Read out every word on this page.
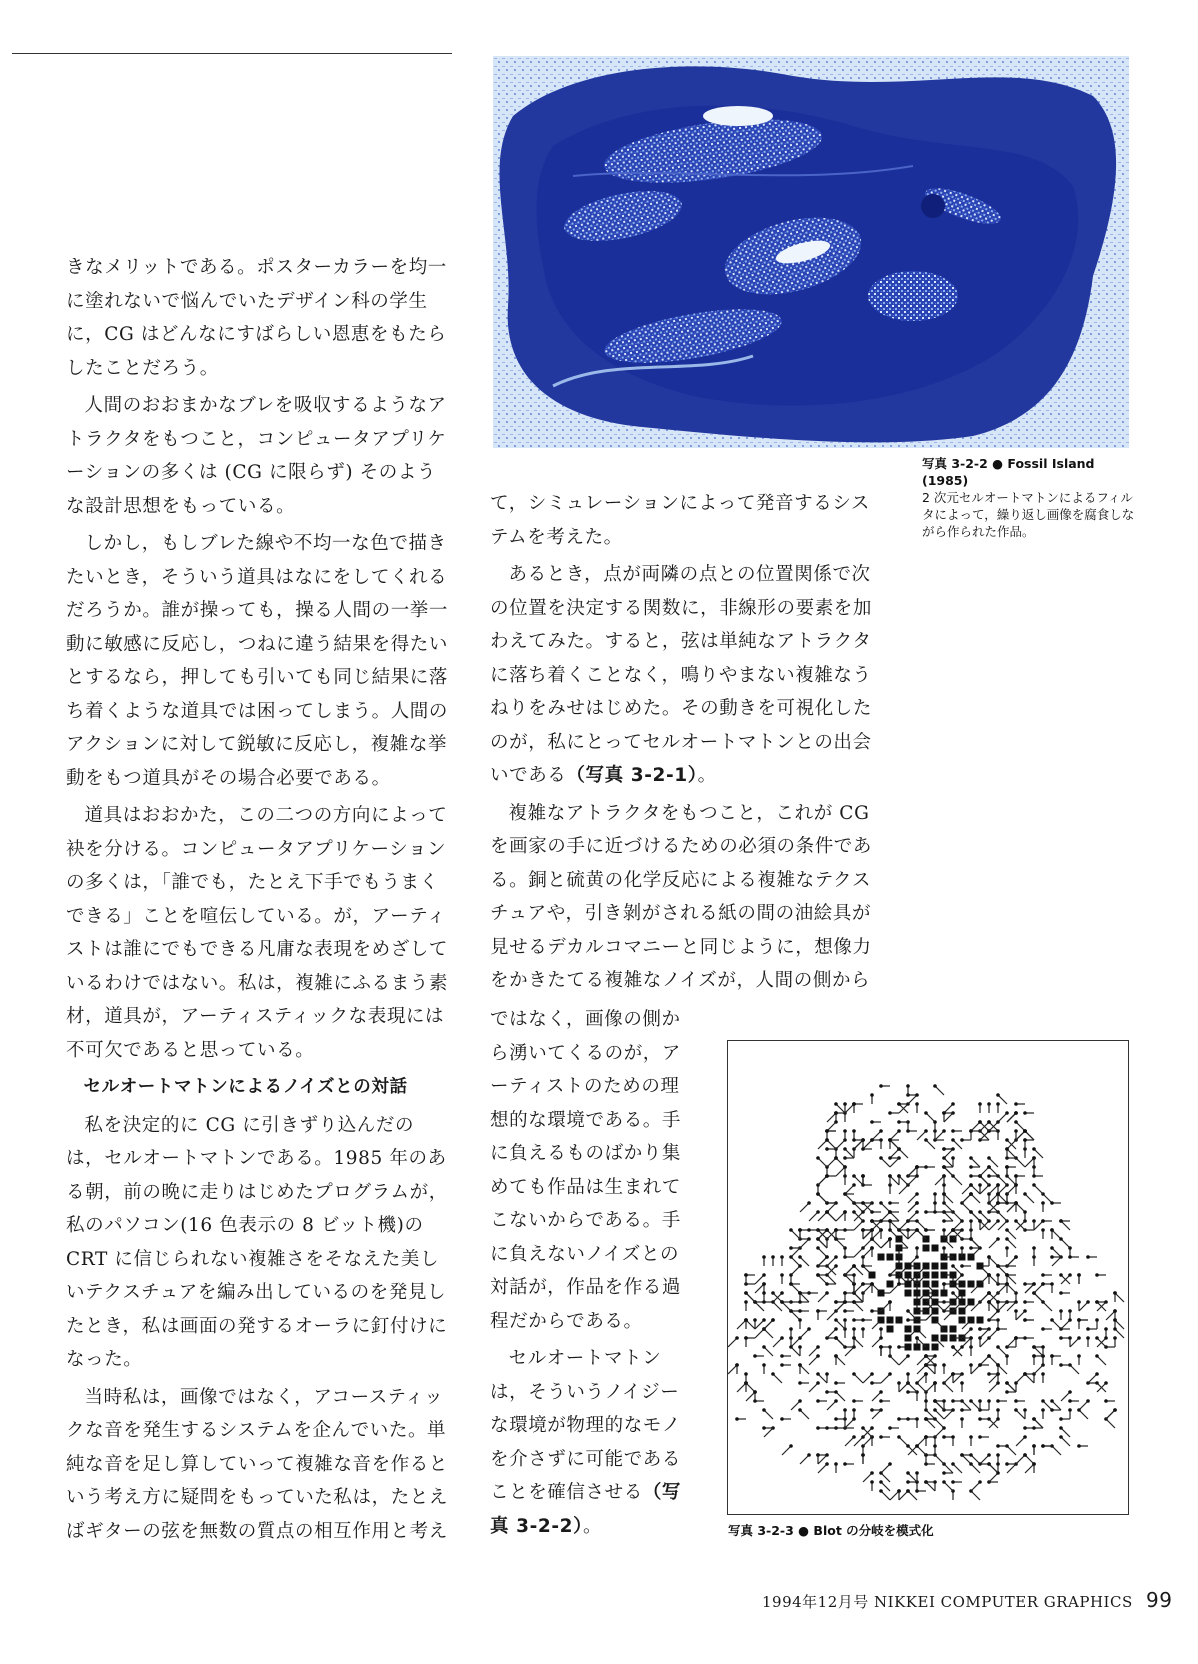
きなメリットである。ポスターカラーを均一に塗れないで悩んでいたデザイン科の学生に，CG はどんなにすばらしい恩恵をもたらしたことだろう。

人間のおおまかなブレを吸収するようなアトラクタをもつこと，コンピュータアプリケーションの多くは (CG に限らず) そのような設計思想をもっている。

しかし，もしブレた線や不均一な色で描きたいとき，そういう道具はなにをしてくれるだろうか。誰が操っても，操る人間の一挙一動に敏感に反応し，つねに違う結果を得たいとするなら，押しても引いても同じ結果に落ち着くような道具では困ってしまう。人間のアクションに対して鋭敏に反応し，複雑な挙動をもつ道具がその場合必要である。

道具はおおかた，この二つの方向によって袂を分ける。コンピュータアプリケーションの多くは，「誰でも，たとえ下手でもうまくできる」ことを喧伝している。が，アーティストは誰にでもできる凡庸な表現をめざしているわけではない。私は，複雑にふるまう素材，道具が，アーティスティックな表現には不可欠であると思っている。

セルオートマトンによるノイズとの対話

私を決定的に CG に引きずり込んだのは，セルオートマトンである。1985 年のある朝，前の晩に走りはじめたプログラムが，私のパソコン(16 色表示の 8 ビット機)の CRT に信じられない複雑さをそなえた美しいテクスチュアを編み出しているのを発見したとき，私は画面の発するオーラに釘付けになった。

当時私は，画像ではなく，アコースティックな音を発生するシステムを企んでいた。単純な音を足し算していって複雑な音を作るという考え方に疑問をもっていた私は，たとえばギターの弦を無数の質点の相互作用と考え

写真 3-2-2 ● Fossil Island (1985)
2 次元セルオートマトンによるフィルタによって，繰り返し画像を腐食しながら作られた作品。

て，シミュレーションによって発音するシステムを考えた。

あるとき，点が両隣の点との位置関係で次の位置を決定する関数に，非線形の要素を加わえてみた。すると，弦は単純なアトラクタに落ち着くことなく，鳴りやまない複雑なうねりをみせはじめた。その動きを可視化したのが，私にとってセルオートマトンとの出会いである（写真 3-2-1）。

複雑なアトラクタをもつこと，これが CG を画家の手に近づけるための必須の条件である。銅と硫黄の化学反応による複雑なテクスチュアや，引き剝がされる紙の間の油絵具が見せるデカルコマニーと同じように，想像力をかきたてる複雑なノイズが，人間の側から

ではなく，画像の側から湧いてくるのが，アーティストのための理想的な環境である。手に負えるものばかり集めても作品は生まれてこないからである。手に負えないノイズとの対話が，作品を作る過程だからである。

セルオートマトンは，そういうノイジーな環境が物理的なモノを介さずに可能であることを確信させる（写真 3-2-2）。	写真 3-2-3 ● Blot の分岐を模式化
1994年12月号 NIKKEI COMPUTER GRAPHICS 99
